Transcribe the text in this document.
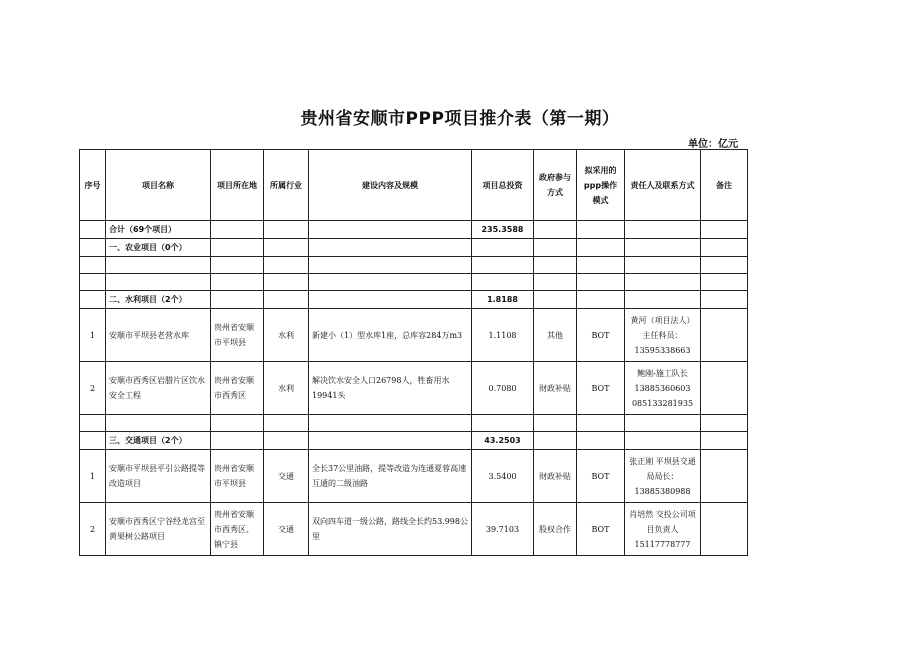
贵州省安顺市PPP项目推介表（第一期）
单位：亿元
序号	项目名称	项目所在地	所属行业	建设内容及规模	项目总投资	政府参与方式	拟采用的ppp操作模式	责任人及联系方式	备注
	合计（69个项目）				235.3588				
	一、农业项目（0个）								

	二、水利项目（2个）				1.8188				
1	安顺市平坝县老营水库	贵州省安顺市平坝县	水利	新建小（1）型水库1座，总库容284万m3	1.1108	其他	BOT	黄河（项目法人）主任科员：13595338663	
2	安顺市西秀区岩腊片区饮水安全工程	贵州省安顺市西秀区	水利	解决饮水安全人口26798人，牲畜用水19941头	0.7080	财政补贴	BOT	鲍刚-施工队长13885360603 085133281935	

	三、交通项目（2个）				43.2503				
1	安顺市平坝县平引公路提等改造项目	贵州省安顺市平坝县	交通	全长37公里油路，提等改造为连通夏蓉高速互通的二级油路	3.5400	财政补贴	BOT	张正刚 平坝县交通局局长：13885380988	
2	安顺市西秀区宁谷经龙宫至黄果树公路项目	贵州省安顺市西秀区、镇宁县	交通	双向四车道一级公路，路线全长约53.998公里	39.7103	股权合作	BOT	肖培然 交投公司项目负责人15117778777	
